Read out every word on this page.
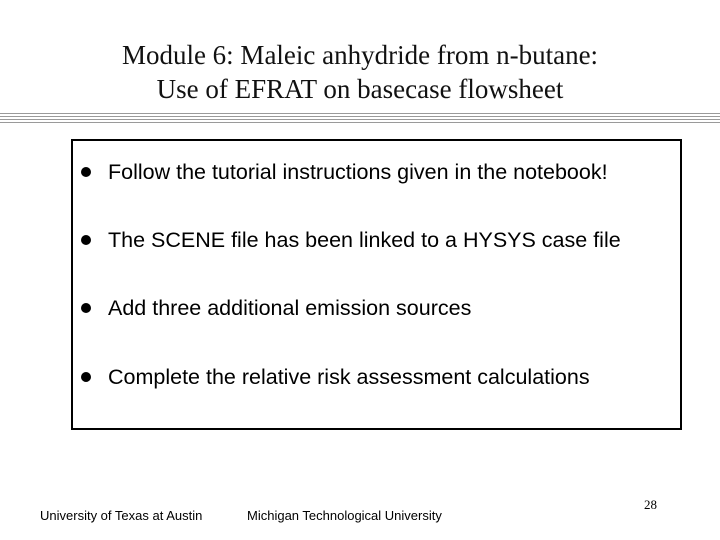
Module 6: Maleic anhydride from n-butane:
Use of EFRAT on basecase flowsheet
Follow the tutorial instructions given in the notebook!
The SCENE file has been linked to a HYSYS case file
Add three additional emission sources
Complete the relative risk assessment calculations
University of Texas at Austin	Michigan Technological University
28
